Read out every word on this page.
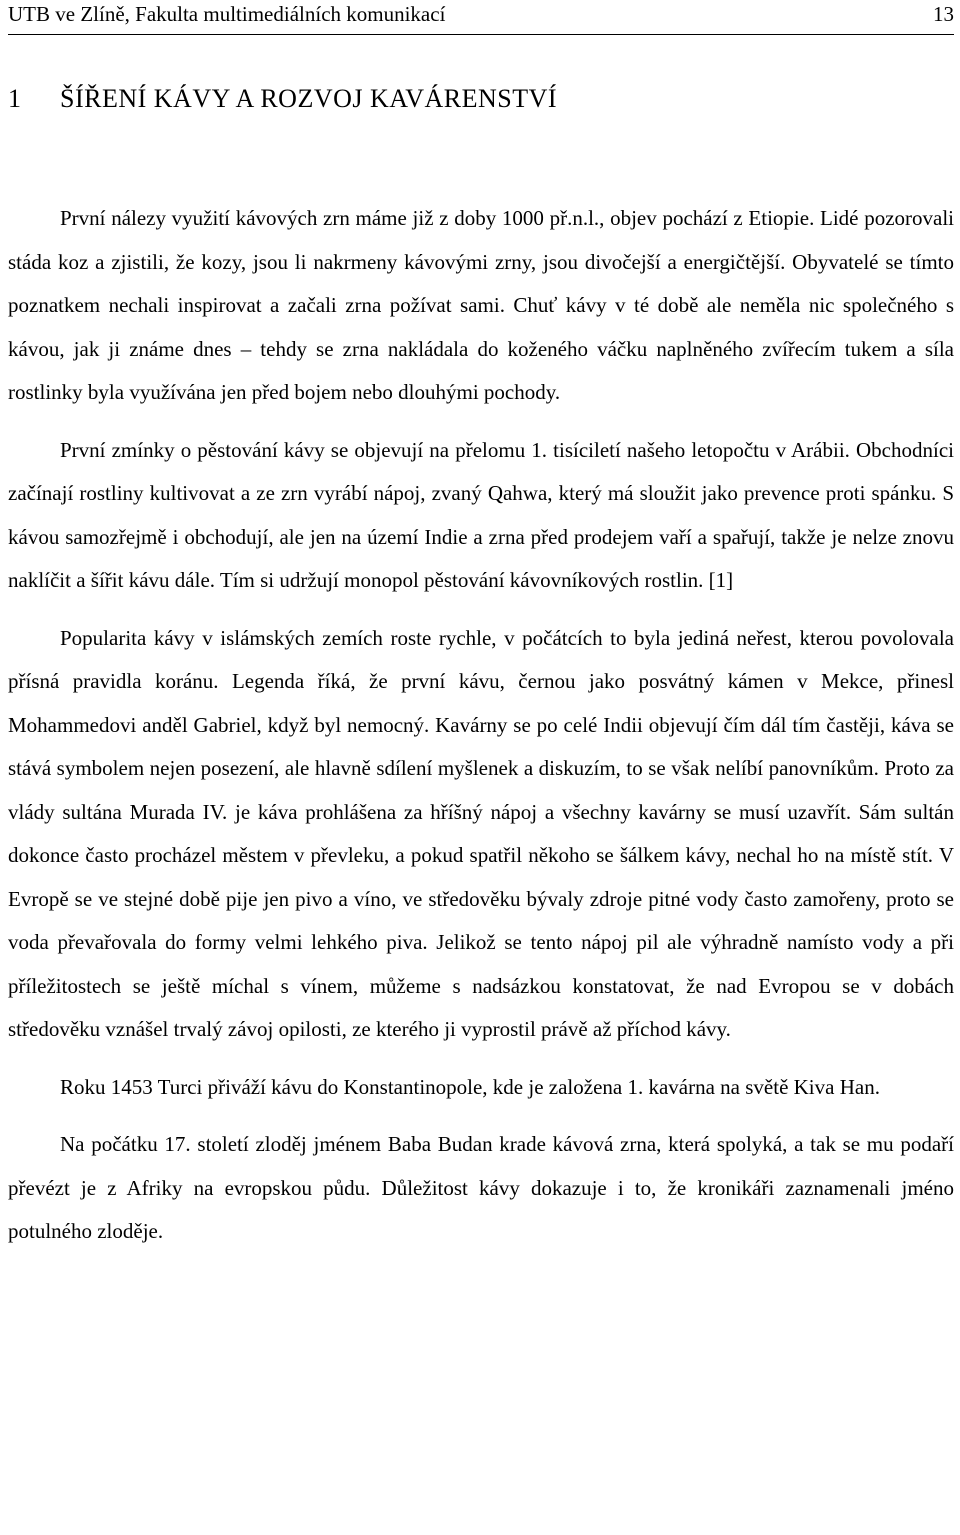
UTB ve Zlíně, Fakulta multimediálních komunikací	13
1 ŠÍŘENÍ KÁVY A ROZVOJ KAVÁRENSTVÍ

První nálezy využití kávových zrn máme již z doby 1000 př.n.l., objev pochází z Etiopie. Lidé pozorovali stáda koz a zjistili, že kozy, jsou li nakrmeny kávovými zrny, jsou divočejší a energičtější. Obyvatelé se tímto poznatkem nechali inspirovat a začali zrna požívat sami. Chuť kávy v té době ale neměla nic společného s kávou, jak ji známe dnes – tehdy se zrna nakládala do koženého váčku naplněného zvířecím tukem a síla rostlinky byla využívána jen před bojem nebo dlouhými pochody.

První zmínky o pěstování kávy se objevují na přelomu 1. tisíciletí našeho letopočtu v Arábii. Obchodníci začínají rostliny kultivovat a ze zrn vyrábí nápoj, zvaný Qahwa, který má sloužit jako prevence proti spánku. S kávou samozřejmě i obchodují, ale jen na území Indie a zrna před prodejem vaří a spařují, takže je nelze znovu naklíčit a šířit kávu dále. Tím si udržují monopol pěstování kávovníkových rostlin. [1]

Popularita kávy v islámských zemích roste rychle, v počátcích to byla jediná neřest, kterou povolovala přísná pravidla koránu. Legenda říká, že první kávu, černou jako posvátný kámen v Mekce, přinesl Mohammedovi anděl Gabriel, když byl nemocný. Kavárny se po celé Indii objevují čím dál tím častěji, káva se stává symbolem nejen posezení, ale hlavně sdílení myšlenek a diskuzím, to se však nelíbí panovníkům. Proto za vlády sultána Murada IV. je káva prohlášena za hříšný nápoj a všechny kavárny se musí uzavřít. Sám sultán dokonce často procházel městem v převleku, a pokud spatřil někoho se šálkem kávy, nechal ho na místě stít. V Evropě se ve stejné době pije jen pivo a víno, ve středověku bývaly zdroje pitné vody často zamořeny, proto se voda převařovala do formy velmi lehkého piva. Jelikož se tento nápoj pil ale výhradně namísto vody a při příležitostech se ještě míchal s vínem, můžeme s nadsázkou konstatovat, že nad Evropou se v dobách středověku vznášel trvalý závoj opilosti, ze kterého ji vyprostil právě až příchod kávy.

Roku 1453 Turci přiváží kávu do Konstantinopole, kde je založena 1. kavárna na světě Kiva Han.

Na počátku 17. století zloděj jménem Baba Budan krade kávová zrna, která spolyká, a tak se mu podaří převézt je z Afriky na evropskou půdu. Důležitost kávy dokazuje i to, že kronikáři zaznamenali jméno potulného zloděje.
